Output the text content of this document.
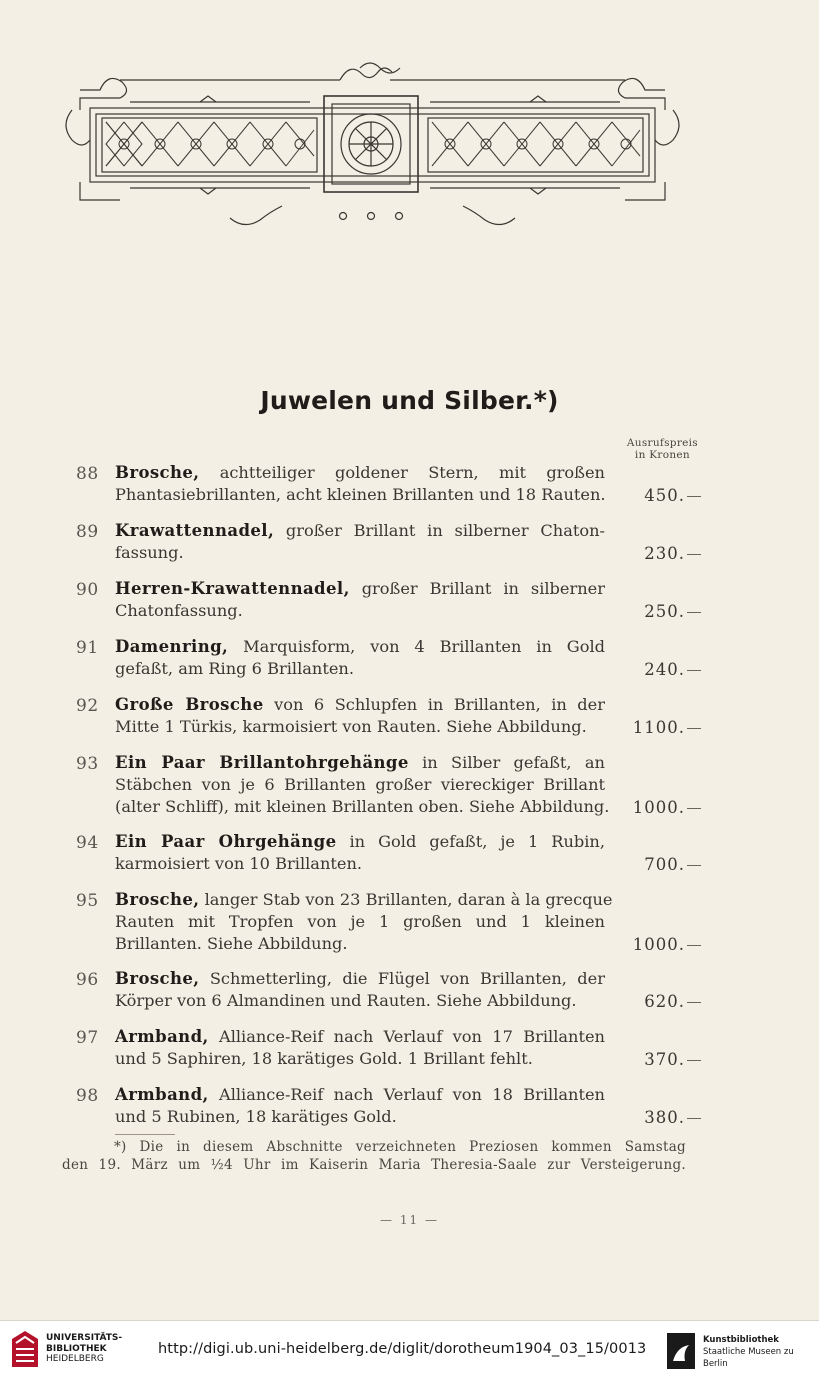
Juwelen und Silber.*)
Ausrufspreis
in Kronen
88 Brosche, achtteiliger goldener Stern, mit großen
Phantasiebrillanten, acht kleinen Brillanten und 18 Rauten. 450.
89 Krawattennadel, großer Brillant in silberner Chaton-
fassung.	230.
90 Herren-Krawattennadel, großer Brillant in silberner
Chatonfassung.	250.
91 Damenring, Marquisform, von 4 Brillanten in Gold
gefaßt, am Ring 6 Brillanten.	240.
92 Große Brosche von 6 Schlupfen in Brillanten, in der
Mitte 1 Türkis, karmoisiert von Rauten. Siehe Abbildung.	1100.
93 Ein Paar Brillantohrgehänge in Silber gefaßt, an
Stäbchen von je 6 Brillanten großer viereckiger Brillant
(alter Schliff), mit kleinen Brillanten oben. Siehe Abbildung. 1000.
94 Ein Paar Ohrgehänge in Gold gefaßt, je 1 Rubin,
karmoisiert von 10 Brillanten.	700.
95 Brosche, langer Stab von 23 Brillanten, daran à la grecque
Rauten mit Tropfen von je 1 großen und 1 kleinen
Brillanten. Siehe Abbildung.	1000.
96 Brosche, Schmetterling, die Flügel von Brillanten, der
Körper von 6 Almandinen und Rauten. Siehe Abbildung.	620.
97 Armband, Alliance-Reif nach Verlauf von 17 Brillanten
und 5 Saphiren, 18 karätiges Gold. 1 Brillant fehlt.	370.
98 Armband, Alliance-Reif nach Verlauf von 18 Brillanten
und 5 Rubinen, 18 karätiges Gold.	380.
*) Die in diesem Abschnitte verzeichneten Preziosen kommen Samstag
den 19. März um ½4 Uhr im Kaiserin Maria Theresia-Saale zur Versteigerung.
— 11 —
UNIVERSITÄTS-
BIBLIOTHEK
HEIDELBERG
http://digi.ub.uni-heidelberg.de/diglit/dorotheum1904_03_15/0013
Kunstbibliothek
Staatliche Museen zu Berlin
